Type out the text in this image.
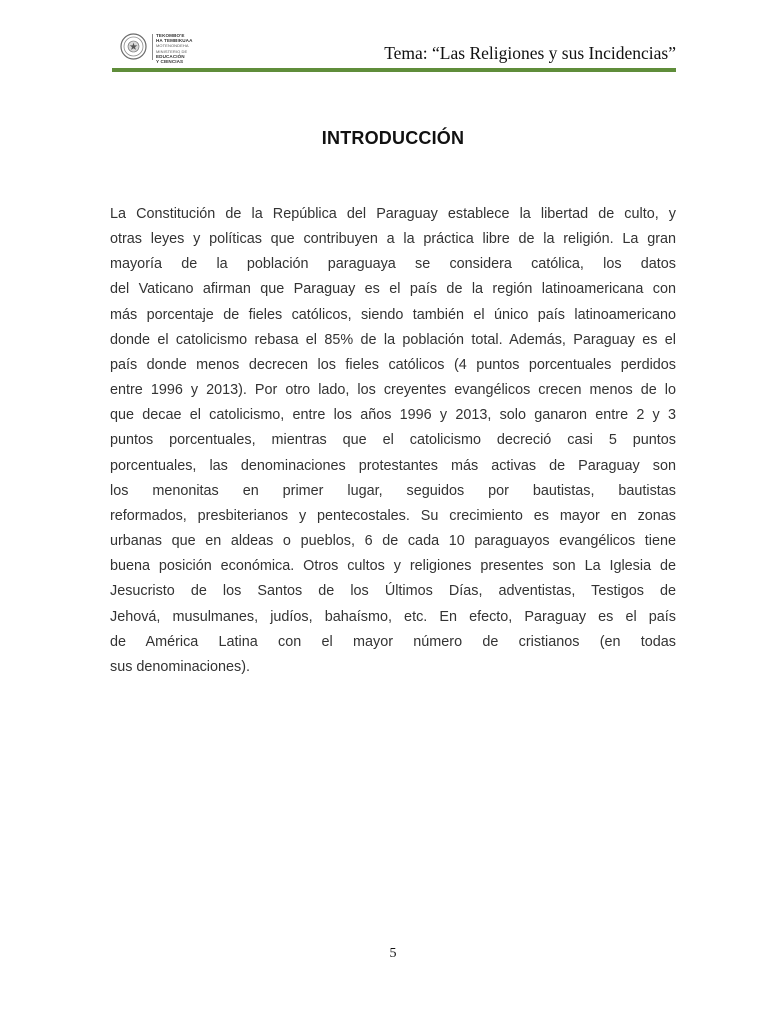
TEKOMBO'E
HA TEMBIKUAA
MOTENONDEHA
MINISTERIO DE
EDUCACIÓN
Y CIENCIAS	Tema: “Las Religiones y sus Incidencias”
INTRODUCCIÓN
La Constitución de la República del Paraguay establece la libertad de culto, y
otras leyes y políticas que contribuyen a la práctica libre de la religión. La gran
mayoría de la población paraguaya se considera católica, los datos
del Vaticano afirman que Paraguay es el país de la región latinoamericana con
más porcentaje de fieles católicos, siendo también el único país latinoamericano
donde el catolicismo rebasa el 85% de la población total. Además, Paraguay es el
país donde menos decrecen los fieles católicos (4 puntos porcentuales perdidos
entre 1996 y 2013). Por otro lado, los creyentes evangélicos crecen menos de lo
que decae el catolicismo, entre los años 1996 y 2013, solo ganaron entre 2 y 3
puntos porcentuales, mientras que el catolicismo decreció casi 5 puntos
porcentuales, las denominaciones protestantes más activas de Paraguay son
los menonitas en primer lugar, seguidos por bautistas, bautistas
reformados, presbiterianos y pentecostales. Su crecimiento es mayor en zonas
urbanas que en aldeas o pueblos, 6 de cada 10 paraguayos evangélicos tiene
buena posición económica. Otros cultos y religiones presentes son La Iglesia de
Jesucristo de los Santos de los Últimos Días, adventistas, Testigos de
Jehová, musulmanes, judíos, bahaísmo, etc. En efecto, Paraguay es el país
de América Latina con el mayor número de cristianos (en todas
sus denominaciones).
5
